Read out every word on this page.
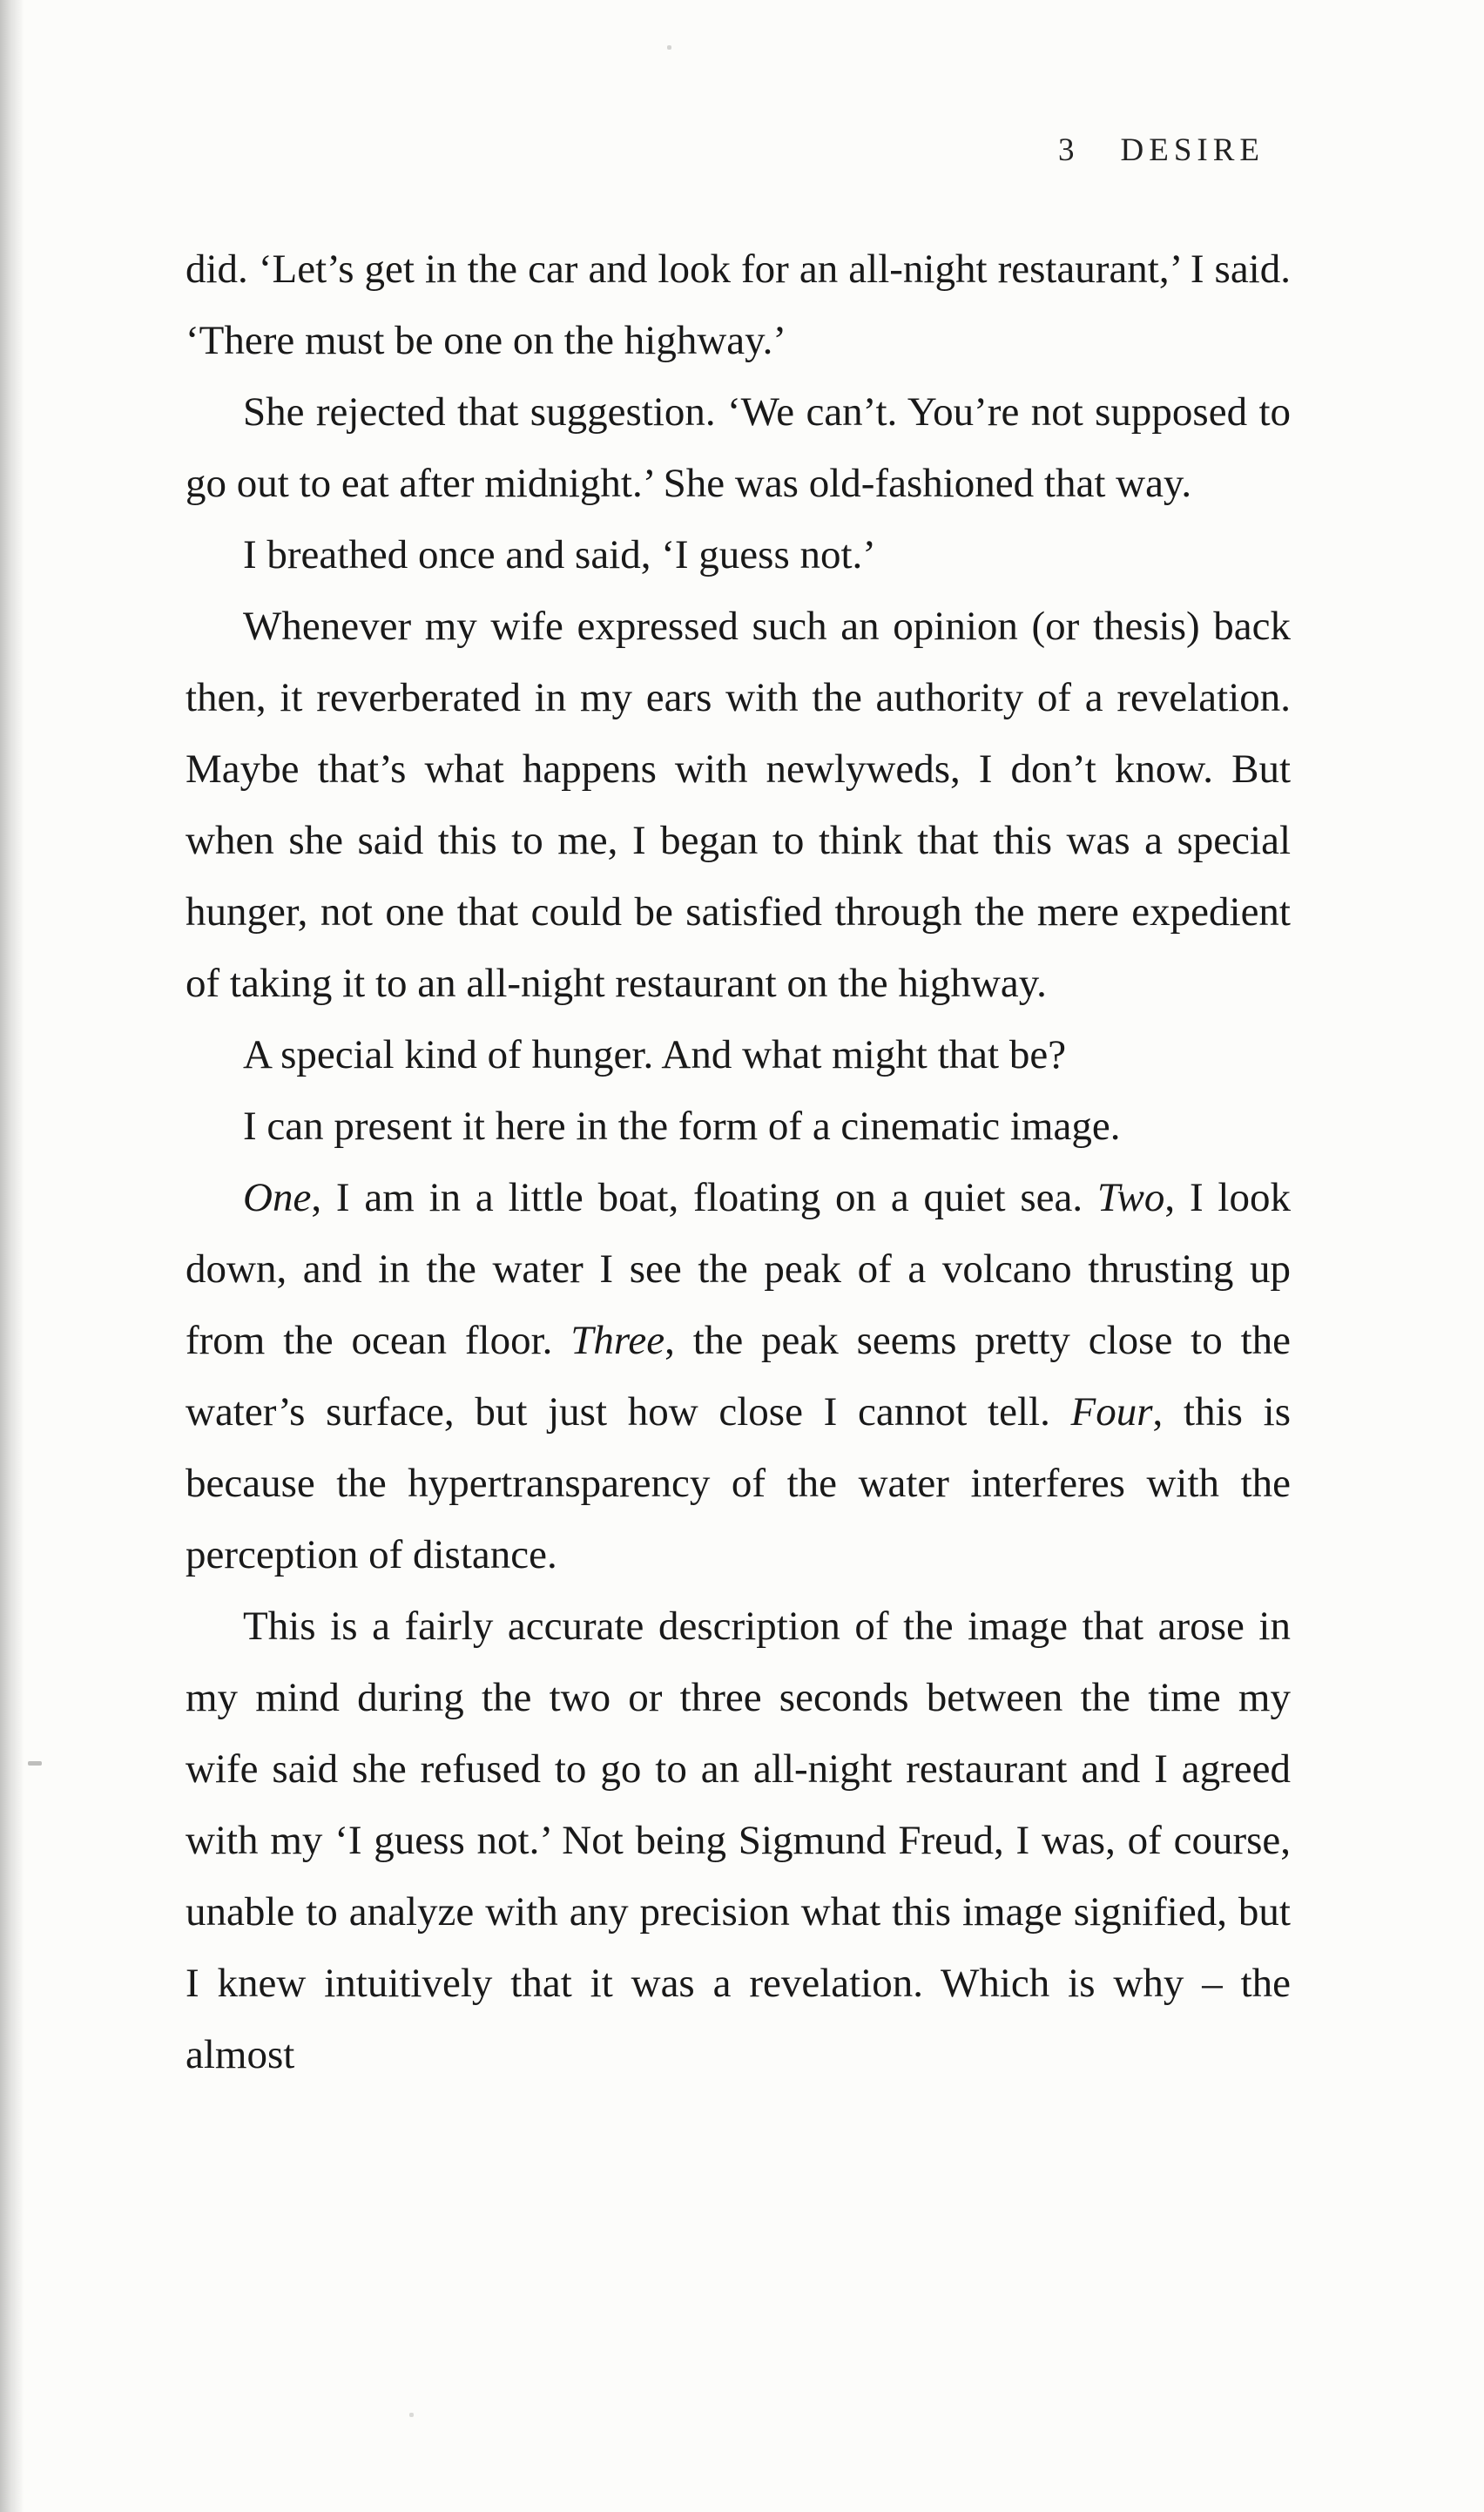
3 DESIRE

did. ‘Let’s get in the car and look for an all-night restaurant,’ I said. ‘There must be one on the highway.’

She rejected that suggestion. ‘We can’t. You’re not supposed to go out to eat after midnight.’ She was old-fashioned that way.

I breathed once and said, ‘I guess not.’

Whenever my wife expressed such an opinion (or thesis) back then, it reverberated in my ears with the authority of a revelation. Maybe that’s what happens with newlyweds, I don’t know. But when she said this to me, I began to think that this was a special hunger, not one that could be satisfied through the mere expedient of taking it to an all-night restaurant on the highway.

A special kind of hunger. And what might that be?

I can present it here in the form of a cinematic image.

One, I am in a little boat, floating on a quiet sea. Two, I look down, and in the water I see the peak of a volcano thrusting up from the ocean floor. Three, the peak seems pretty close to the water’s surface, but just how close I cannot tell. Four, this is because the hypertransparency of the water interferes with the perception of distance.

This is a fairly accurate description of the image that arose in my mind during the two or three seconds between the time my wife said she refused to go to an all-night restaurant and I agreed with my ‘I guess not.’ Not being Sigmund Freud, I was, of course, unable to analyze with any precision what this image signified, but I knew intuitively that it was a revelation. Which is why – the almost
